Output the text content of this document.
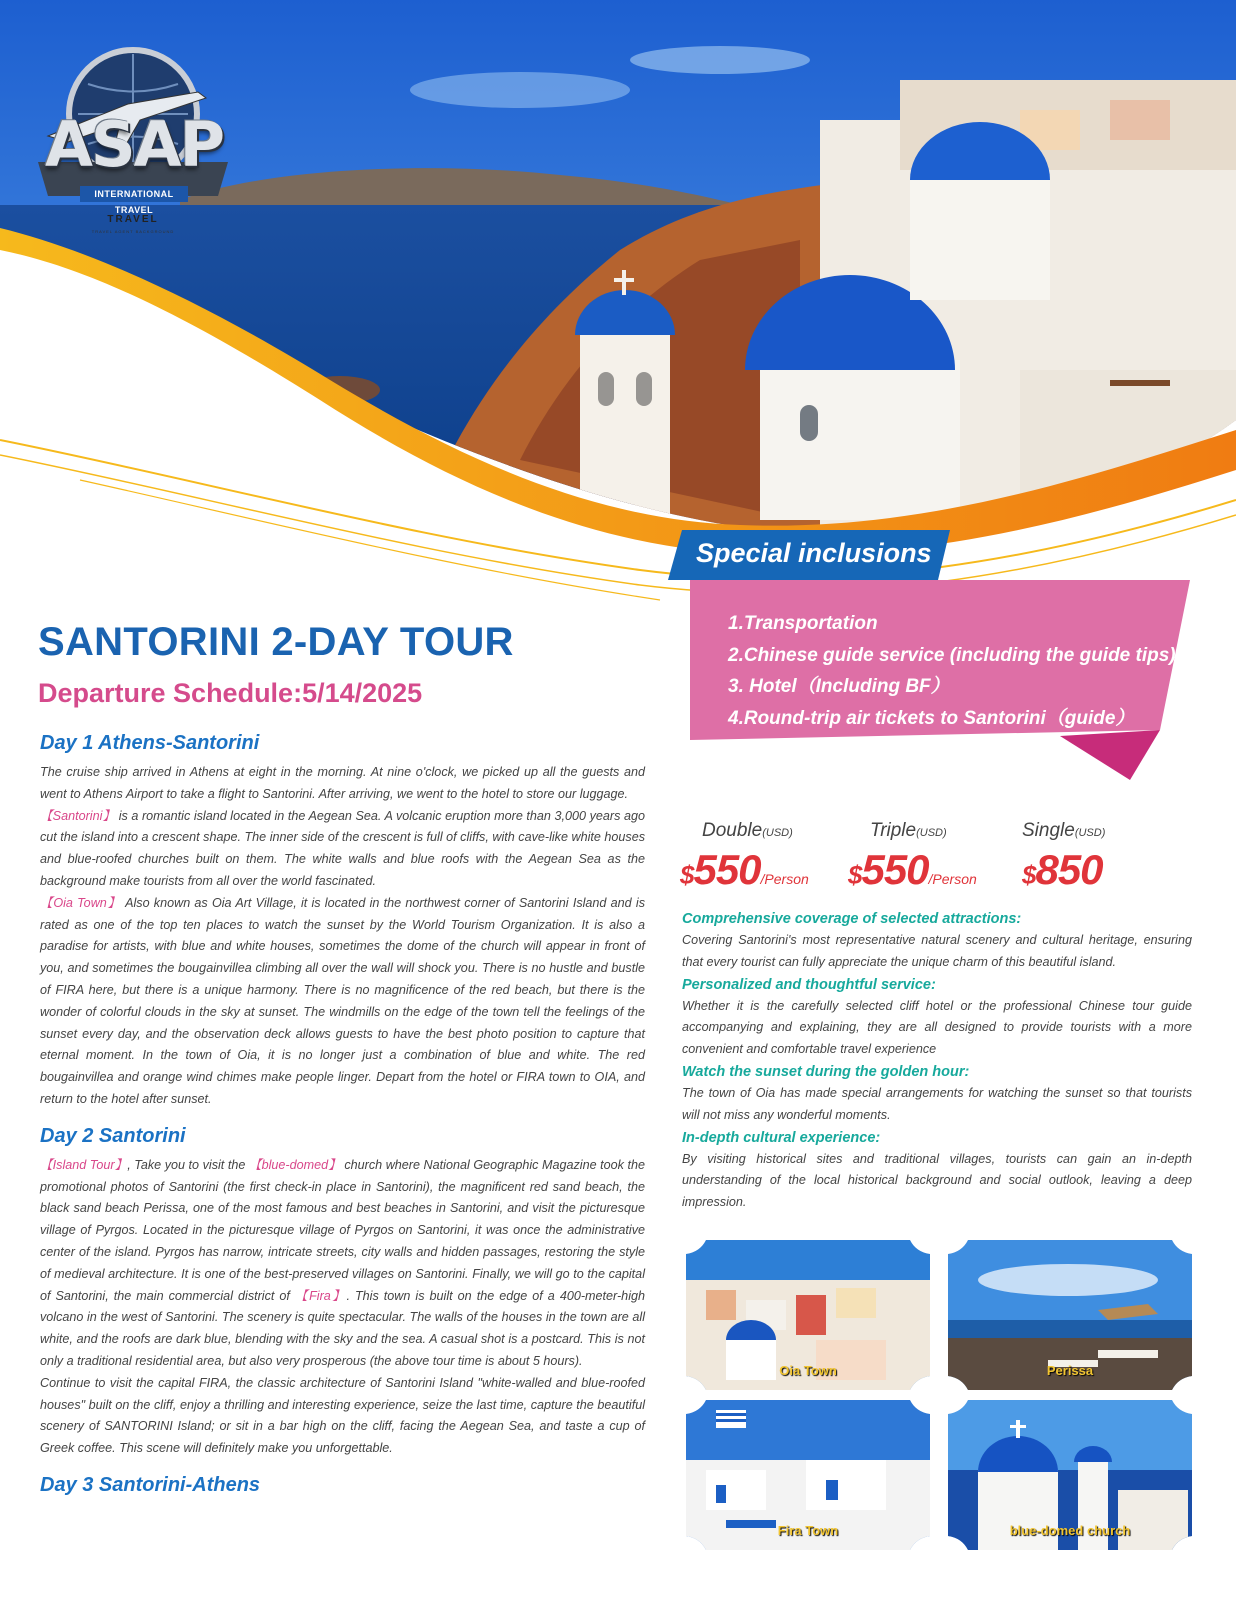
ASAP
INTERNATIONAL TRAVEL
TRAVEL
TRAVEL AGENT BACKGROUND
Special inclusions
1.Transportation
2.Chinese guide service (including the guide tips)
3. Hotel（Including BF）
4.Round-trip air tickets to Santorini（guide）
SANTORINI 2-DAY TOUR
Departure Schedule:5/14/2025
Day 1 Athens-Santorini

The cruise ship arrived in Athens at eight in the morning. At nine o'clock, we picked up all the guests and went to Athens Airport to take a flight to Santorini. After arriving, we went to the hotel to store our luggage.

【Santorini】 is a romantic island located in the Aegean Sea. A volcanic eruption more than 3,000 years ago cut the island into a crescent shape. The inner side of the crescent is full of cliffs, with cave-like white houses and blue-roofed churches built on them. The white walls and blue roofs with the Aegean Sea as the background make tourists from all over the world fascinated.

【Oia Town】 Also known as Oia Art Village, it is located in the northwest corner of Santorini Island and is rated as one of the top ten places to watch the sunset by the World Tourism Organization. It is also a paradise for artists, with blue and white houses, sometimes the dome of the church will appear in front of you, and sometimes the bougainvillea climbing all over the wall will shock you. There is no hustle and bustle of FIRA here, but there is a unique harmony. There is no magnificence of the red beach, but there is the wonder of colorful clouds in the sky at sunset. The windmills on the edge of the town tell the feelings of the sunset every day, and the observation deck allows guests to have the best photo position to capture that eternal moment. In the town of Oia, it is no longer just a combination of blue and white. The red bougainvillea and orange wind chimes make people linger. Depart from the hotel or FIRA town to OIA, and return to the hotel after sunset.

Day 2 Santorini

【Island Tour】, Take you to visit the 【blue-domed】 church where National Geographic Magazine took the promotional photos of Santorini (the first check-in place in Santorini), the magnificent red sand beach, the black sand beach Perissa, one of the most famous and best beaches in Santorini, and visit the picturesque village of Pyrgos. Located in the picturesque village of Pyrgos on Santorini, it was once the administrative center of the island. Pyrgos has narrow, intricate streets, city walls and hidden passages, restoring the style of medieval architecture. It is one of the best-preserved villages on Santorini. Finally, we will go to the capital of Santorini, the main commercial district of 【Fira】. This town is built on the edge of a 400-meter-high volcano in the west of Santorini. The scenery is quite spectacular. The walls of the houses in the town are all white, and the roofs are dark blue, blending with the sky and the sea. A casual shot is a postcard. This is not only a traditional residential area, but also very prosperous (the above tour time is about 5 hours).

Continue to visit the capital FIRA, the classic architecture of Santorini Island "white-walled and blue-roofed houses" built on the cliff, enjoy a thrilling and interesting experience, seize the last time, capture the beautiful scenery of SANTORINI Island; or sit in a bar high on the cliff, facing the Aegean Sea, and taste a cup of Greek coffee. This scene will definitely make you unforgettable.

Day 3 Santorini-Athens
Double(USD)
$550/Person
Triple(USD)
$550/Person
Single(USD)
$850
Comprehensive coverage of selected attractions:

Covering Santorini's most representative natural scenery and cultural heritage, ensuring that every tourist can fully appreciate the unique charm of this beautiful island.

Personalized and thoughtful service:

Whether it is the carefully selected cliff hotel or the professional Chinese tour guide accompanying and explaining, they are all designed to provide tourists with a more convenient and comfortable travel experience

Watch the sunset during the golden hour:

The town of Oia has made special arrangements for watching the sunset so that tourists will not miss any wonderful moments.

In-depth cultural experience:

By visiting historical sites and traditional villages, tourists can gain an in-depth understanding of the local historical background and social outlook, leaving a deep impression.

Oia Town	Perissa
Fira Town	blue-domed church
